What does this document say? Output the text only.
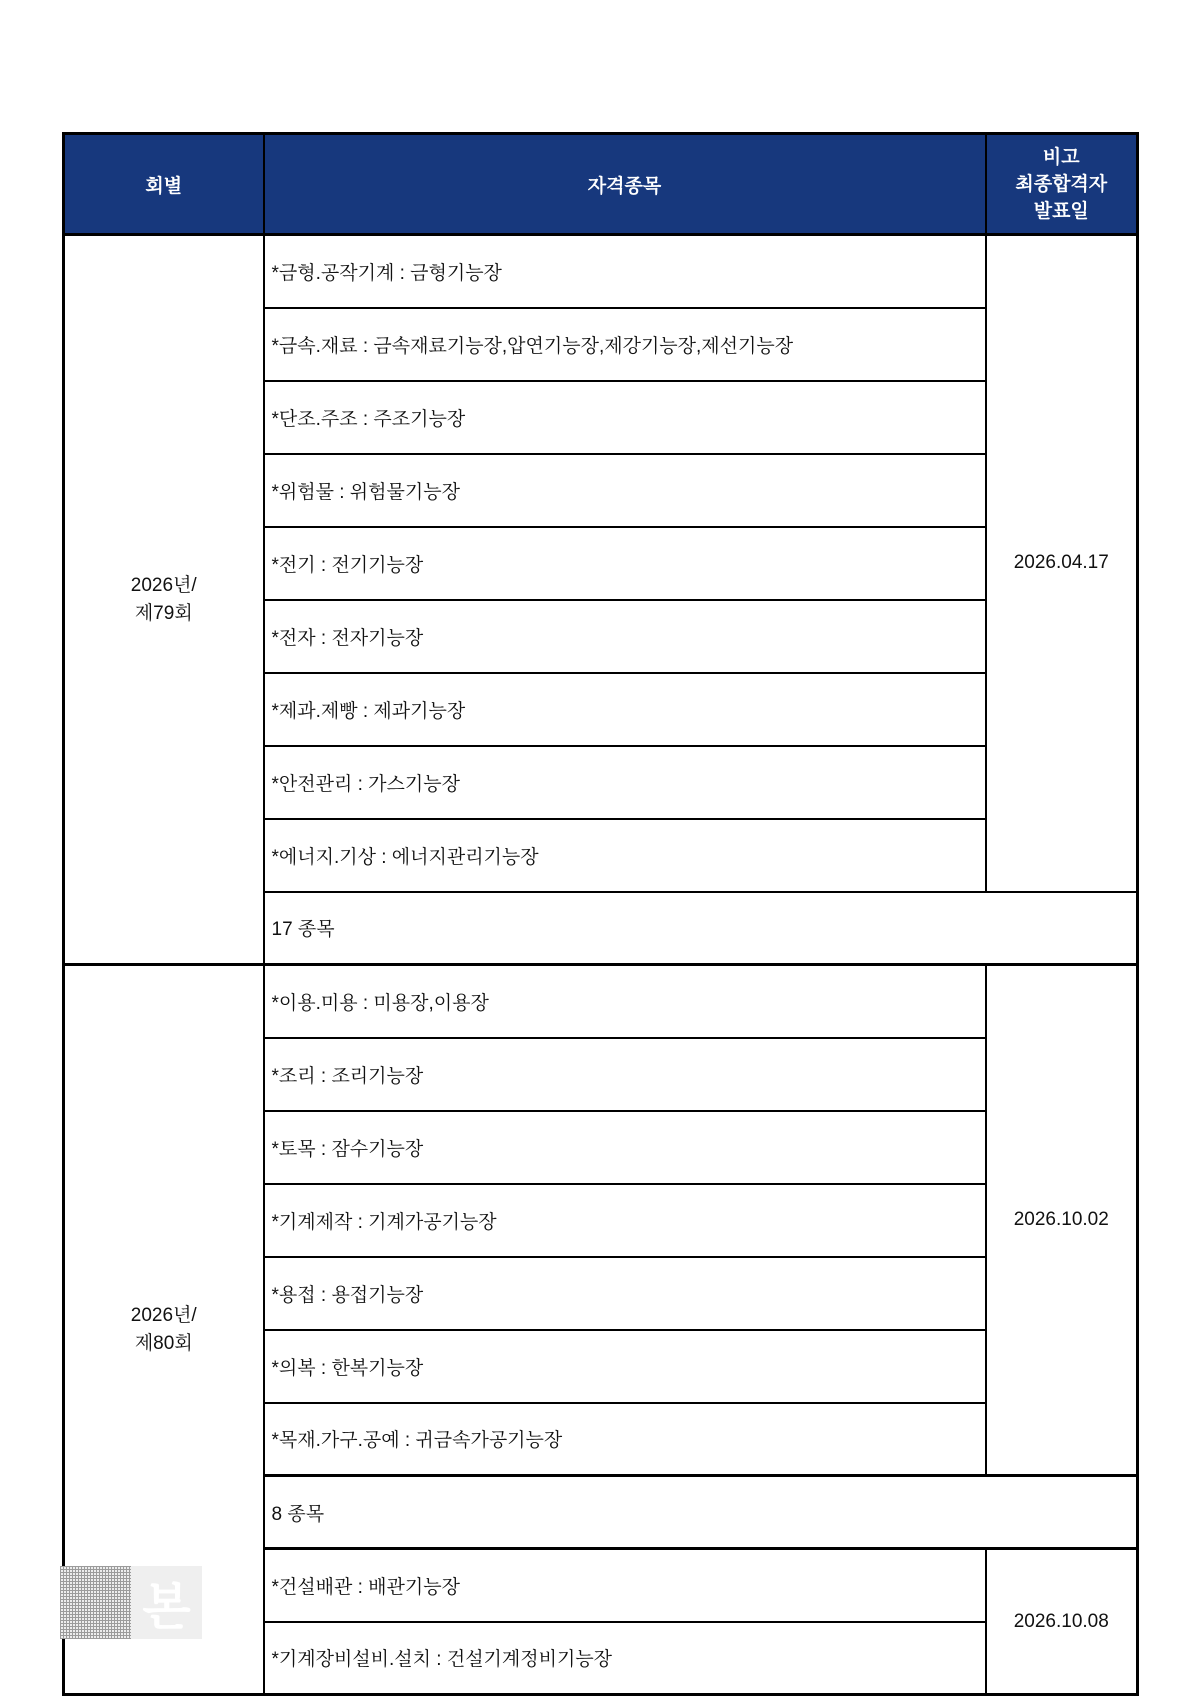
회별	자격종목	비고
최종합격자
발표일

2026년/
제79회	*금형.공작기계 : 금형기능장	2026.04.17
	*금속.재료 : 금속재료기능장,압연기능장,제강기능장,제선기능장	
	*단조.주조 : 주조기능장	
	*위험물 : 위험물기능장	
	*전기 : 전기기능장	
	*전자 : 전자기능장	
	*제과.제빵 : 제과기능장	
	*안전관리 : 가스기능장	
	*에너지.기상 : 에너지관리기능장	
	17 종목	

2026년/
제80회	*이용.미용 : 미용장,이용장	2026.10.02
	*조리 : 조리기능장	
	*토목 : 잠수기능장	
	*기계제작 : 기계가공기능장	
	*용접 : 용접기능장	
	*의복 : 한복기능장	
	*목재.가구.공예 : 귀금속가공기능장	
	8 종목	
	*건설배관 : 배관기능장	2026.10.08
	*기계장비설비.설치 : 건설기계정비기능장	
본
